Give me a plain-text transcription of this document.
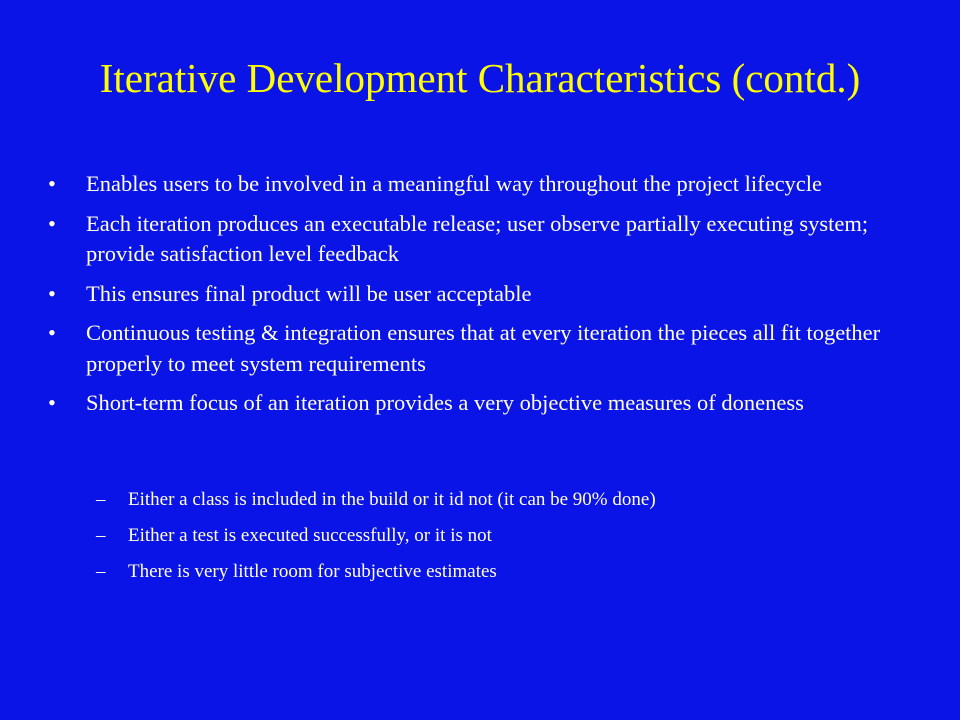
Iterative Development Characteristics (contd.)
•	Enables users to be involved in a meaningful way throughout the project lifecycle
•	Each iteration produces an executable release; user observe partially executing system; provide satisfaction level feedback
•	This ensures final product will be user acceptable
•	Continuous testing & integration ensures that at every iteration the pieces all fit together properly to meet system requirements
•	Short-term focus of an iteration provides a very objective measures of doneness
– Either a class is included in the build or it id not (it can be 90% done)
– Either a test is executed successfully, or it is not
– There is very little room for subjective estimates
